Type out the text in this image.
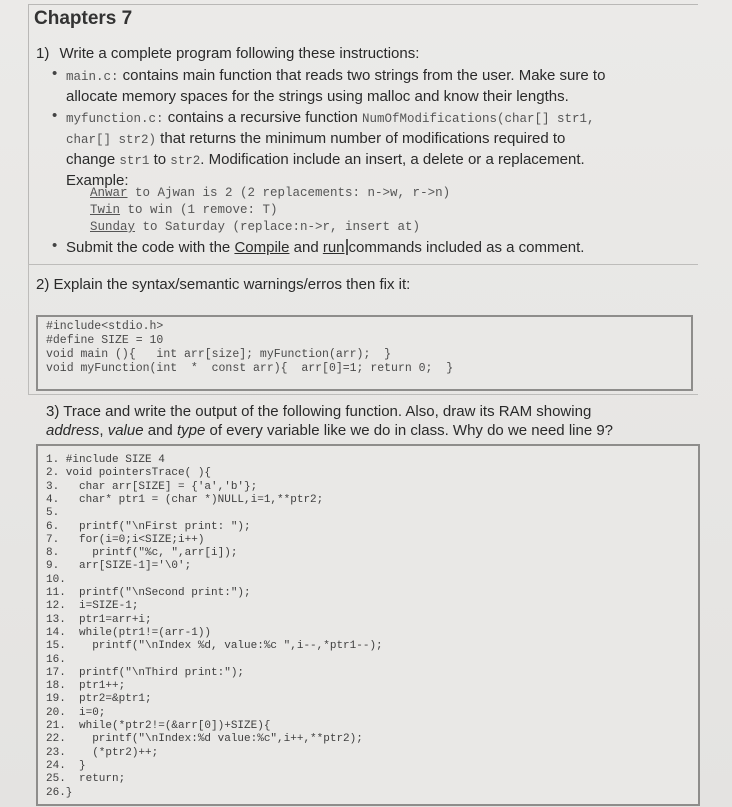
Chapters 7
1) Write a complete program following these instructions:
• main.c: contains main function that reads two strings from the user. Make sure to
allocate memory spaces for the strings using malloc and know their lengths.
• myfunction.c: contains a recursive function NumOfModifications(char[] str1,
char[] str2) that returns the minimum number of modifications required to
change str1 to str2. Modification include an insert, a delete or a replacement.
Example:
Anwar to Ajwan is 2 (2 replacements: n->w, r->n)
Twin to win (1 remove: T)
Sunday to Saturday (replace:n->r, insert at)
• Submit the code with the Compile and run commands included as a comment.
2) Explain the syntax/semantic warnings/erros then fix it:
#include<stdio.h>
#define SIZE = 10
void main (){   int arr[size]; myFunction(arr);  }
void myFunction(int  *  const arr){  arr[0]=1; return 0;  }
3) Trace and write the output of the following function. Also, draw its RAM showing
address, value and type of every variable like we do in class. Why do we need line 9?
1. #include SIZE 4
2. void pointersTrace( ){
3.   char arr[SIZE] = {'a','b'};
4.   char* ptr1 = (char *)NULL,i=1,**ptr2;
5.
6.   printf("\nFirst print: ");
7.   for(i=0;i<SIZE;i++)
8.     printf("%c, ",arr[i]);
9.   arr[SIZE-1]='\0';
10.
11.  printf("\nSecond print:");
12.  i=SIZE-1;
13.  ptr1=arr+i;
14.  while(ptr1!=(arr-1))
15.    printf("\nIndex %d, value:%c ",i--,*ptr1--);
16.
17.  printf("\nThird print:");
18.  ptr1++;
19.  ptr2=&ptr1;
20.  i=0;
21.  while(*ptr2!=(&arr[0])+SIZE){
22.    printf("\nIndex:%d value:%c",i++,**ptr2);
23.    (*ptr2)++;
24.  }
25.  return;
26.}
